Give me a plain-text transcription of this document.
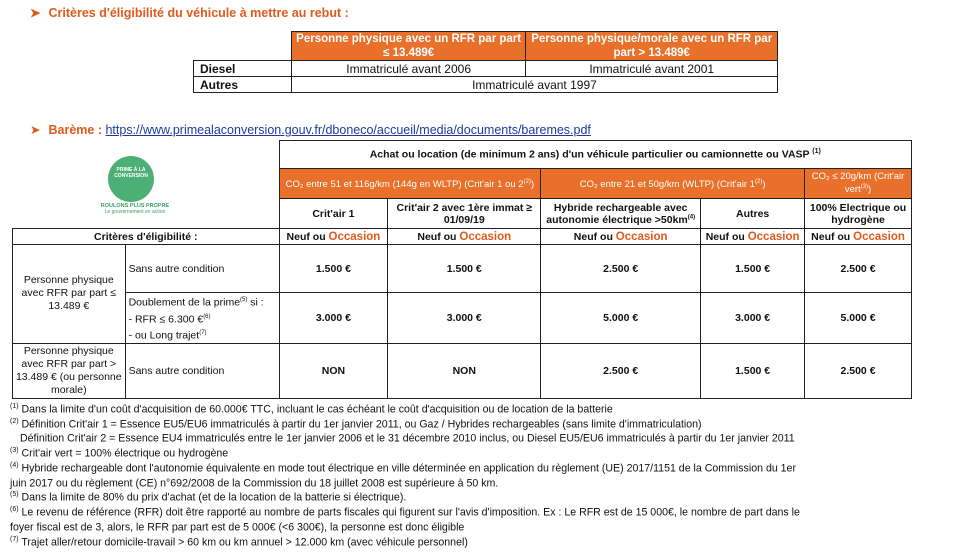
➤ Critères d'éligibilité du véhicule à mettre au rebut :
	Personne physique avec un RFR par part ≤ 13.489€	Personne physique/morale avec un RFR par part > 13.489€
Diesel	Immatriculé avant 2006	Immatriculé avant 2001
Autres	Immatriculé avant 1997	
➤ Barème : https://www.primealaconversion.gouv.fr/dboneco/accueil/media/documents/baremes.pdf
		Achat ou location (de minimum 2 ans) d'un véhicule particulier ou camionnette ou VASP $^{(1)}$
		CO₂ entre 51 et 116g/km (144g en WLTP) (Crit'air 1 ou 2$^{(2)}$)		CO₂ entre 21 et 50g/km (WLTP) (Crit'air 1$^{(2)}$)		CO₂ ≤ 20g/km (Crit'air vert$^{(3)}$)
		Crit'air 1	Crit'air 2 avec 1ère immat ≥ 01/09/19	Hybride rechargeable avec autonomie électrique $>50km^{(4)}$	Autres	100% Electrique ou hydrogène
Critères d'éligibilité :		Neuf ou Occasion	Neuf ou Occasion	Neuf ou Occasion	Neuf ou Occasion	Neuf ou Occasion
Personne physique avec RFR par part ≤ 13.489 €	Sans autre condition	1.500 €	1.500 €	2.500 €	1.500 €	2.500 €

	Doublement de la prime$^{(5)}$ si :
- RFR ≤ 6.300 €$^{(6)}$
- ou Long trajet$^{(7)}$	3.000 €	3.000 €	5.000 €	3.000 €	5.000 €
Personne physique avec RFR par part > 13.489 € (ou personne morale)	Sans autre condition	NON	NON	2.500 €	1.500 €	2.500 €
PRIME À LA CONVERSION
ROULONS PLUS PROPRE
Le gouvernement en action
$^{(1)}$ Dans la limite d'un coût d'acquisition de 60.000€ TTC, incluant le cas échéant le coût d'acquisition ou de location de la batterie
$^{(2)}$ Définition Crit'air 1 = Essence EU5/EU6 immatriculés à partir du 1er janvier 2011, ou Gaz / Hybrides rechargeables (sans limite d'immatriculation)
Définition Crit'air 2 = Essence EU4 immatriculés entre le 1er janvier 2006 et le 31 décembre 2010 inclus, ou Diesel EU5/EU6 immatriculés à partir du 1er janvier 2011
$^{(3)}$ Crit'air vert = 100% électrique ou hydrogène
$^{(4)}$ Hybride rechargeable dont l'autonomie équivalente en mode tout électrique en ville déterminée en application du règlement (UE) 2017/1151 de la Commission du 1er
juin 2017 ou du règlement (CE) n°692/2008 de la Commission du 18 juillet 2008 est supérieure à 50 km.
$^{(5)}$ Dans la limite de 80% du prix d'achat (et de la location de la batterie si électrique).
$^{(6)}$ Le revenu de référence (RFR) doit être rapporté au nombre de parts fiscales qui figurent sur l'avis d'imposition. Ex : Le RFR est de 15 000€, le nombre de part dans le
foyer fiscal est de 3, alors, le RFR par part est de 5 000€ (<6 300€), la personne est donc éligible
$^{(7)}$ Trajet aller/retour domicile-travail > 60 km ou km annuel > 12.000 km (avec véhicule personnel)
